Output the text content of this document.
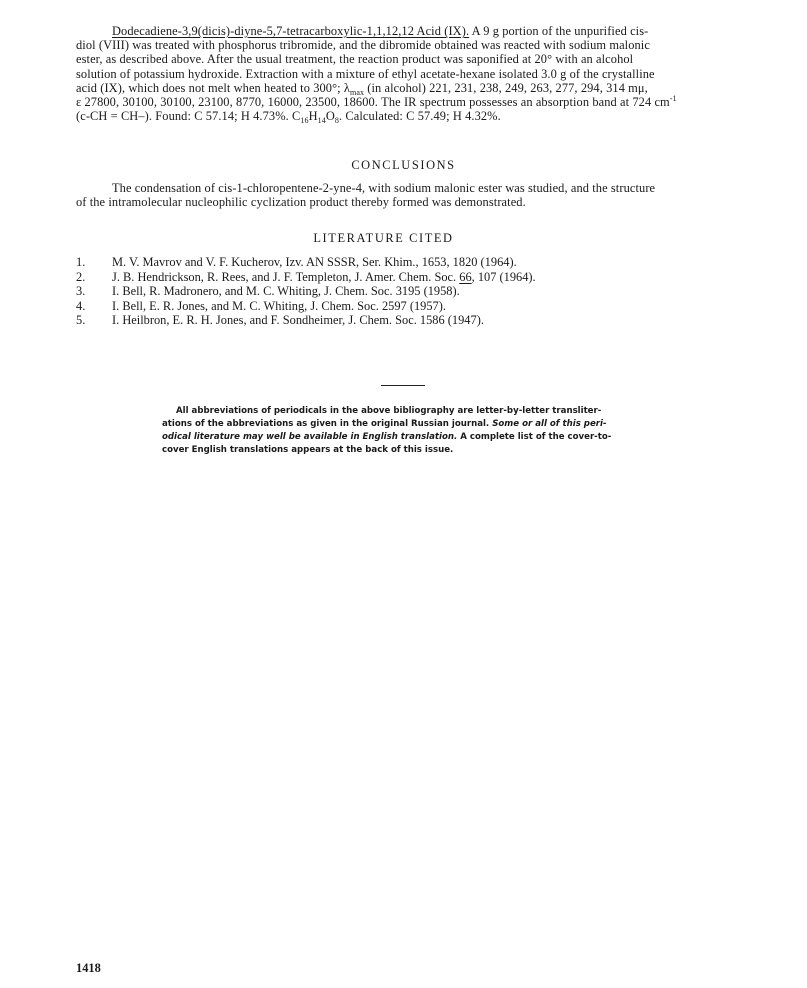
Dodecadiene-3,9(dicis)-diyne-5,7-tetracarboxylic-1,1,12,12 Acid (IX). A 9 g portion of the unpurified cis-
diol (VIII) was treated with phosphorus tribromide, and the dibromide obtained was reacted with sodium malonic
ester, as described above. After the usual treatment, the reaction product was saponified at 20° with an alcohol
solution of potassium hydroxide. Extraction with a mixture of ethyl acetate-hexane isolated 3.0 g of the crystalline
acid (IX), which does not melt when heated to 300°; $\lambda_{max}$ (in alcohol) 221, 231, 238, 249, 263, 277, 294, 314 mμ,
ε 27800, 30100, 30100, 23100, 8770, 16000, 23500, 18600. The IR spectrum possesses an absorption band at 724 $cm^{-1}$
(c-CH = CH–). Found: C 57.14; H 4.73%. $C_{16}H_{14}O_8$. Calculated: C 57.49; H 4.32%.
CONCLUSIONS
The condensation of cis-1-chloropentene-2-yne-4, with sodium malonic ester was studied, and the structure
of the intramolecular nucleophilic cyclization product thereby formed was demonstrated.
LITERATURE CITED
1.	M. V. Mavrov and V. F. Kucherov, Izv. AN SSSR, Ser. Khim., 1653, 1820 (1964).
2.	J. B. Hendrickson, R. Rees, and J. F. Templeton, J. Amer. Chem. Soc. 66, 107 (1964).
3.	I. Bell, R. Madronero, and M. C. Whiting, J. Chem. Soc. 3195 (1958).
4.	I. Bell, E. R. Jones, and M. C. Whiting, J. Chem. Soc. 2597 (1957).
5.	I. Heilbron, E. R. H. Jones, and F. Sondheimer, J. Chem. Soc. 1586 (1947).
All abbreviations of periodicals in the above bibliography are letter-by-letter transliter-
ations of the abbreviations as given in the original Russian journal. Some or all of this peri-
odical literature may well be available in English translation. A complete list of the cover-to-
cover English translations appears at the back of this issue.
1418
